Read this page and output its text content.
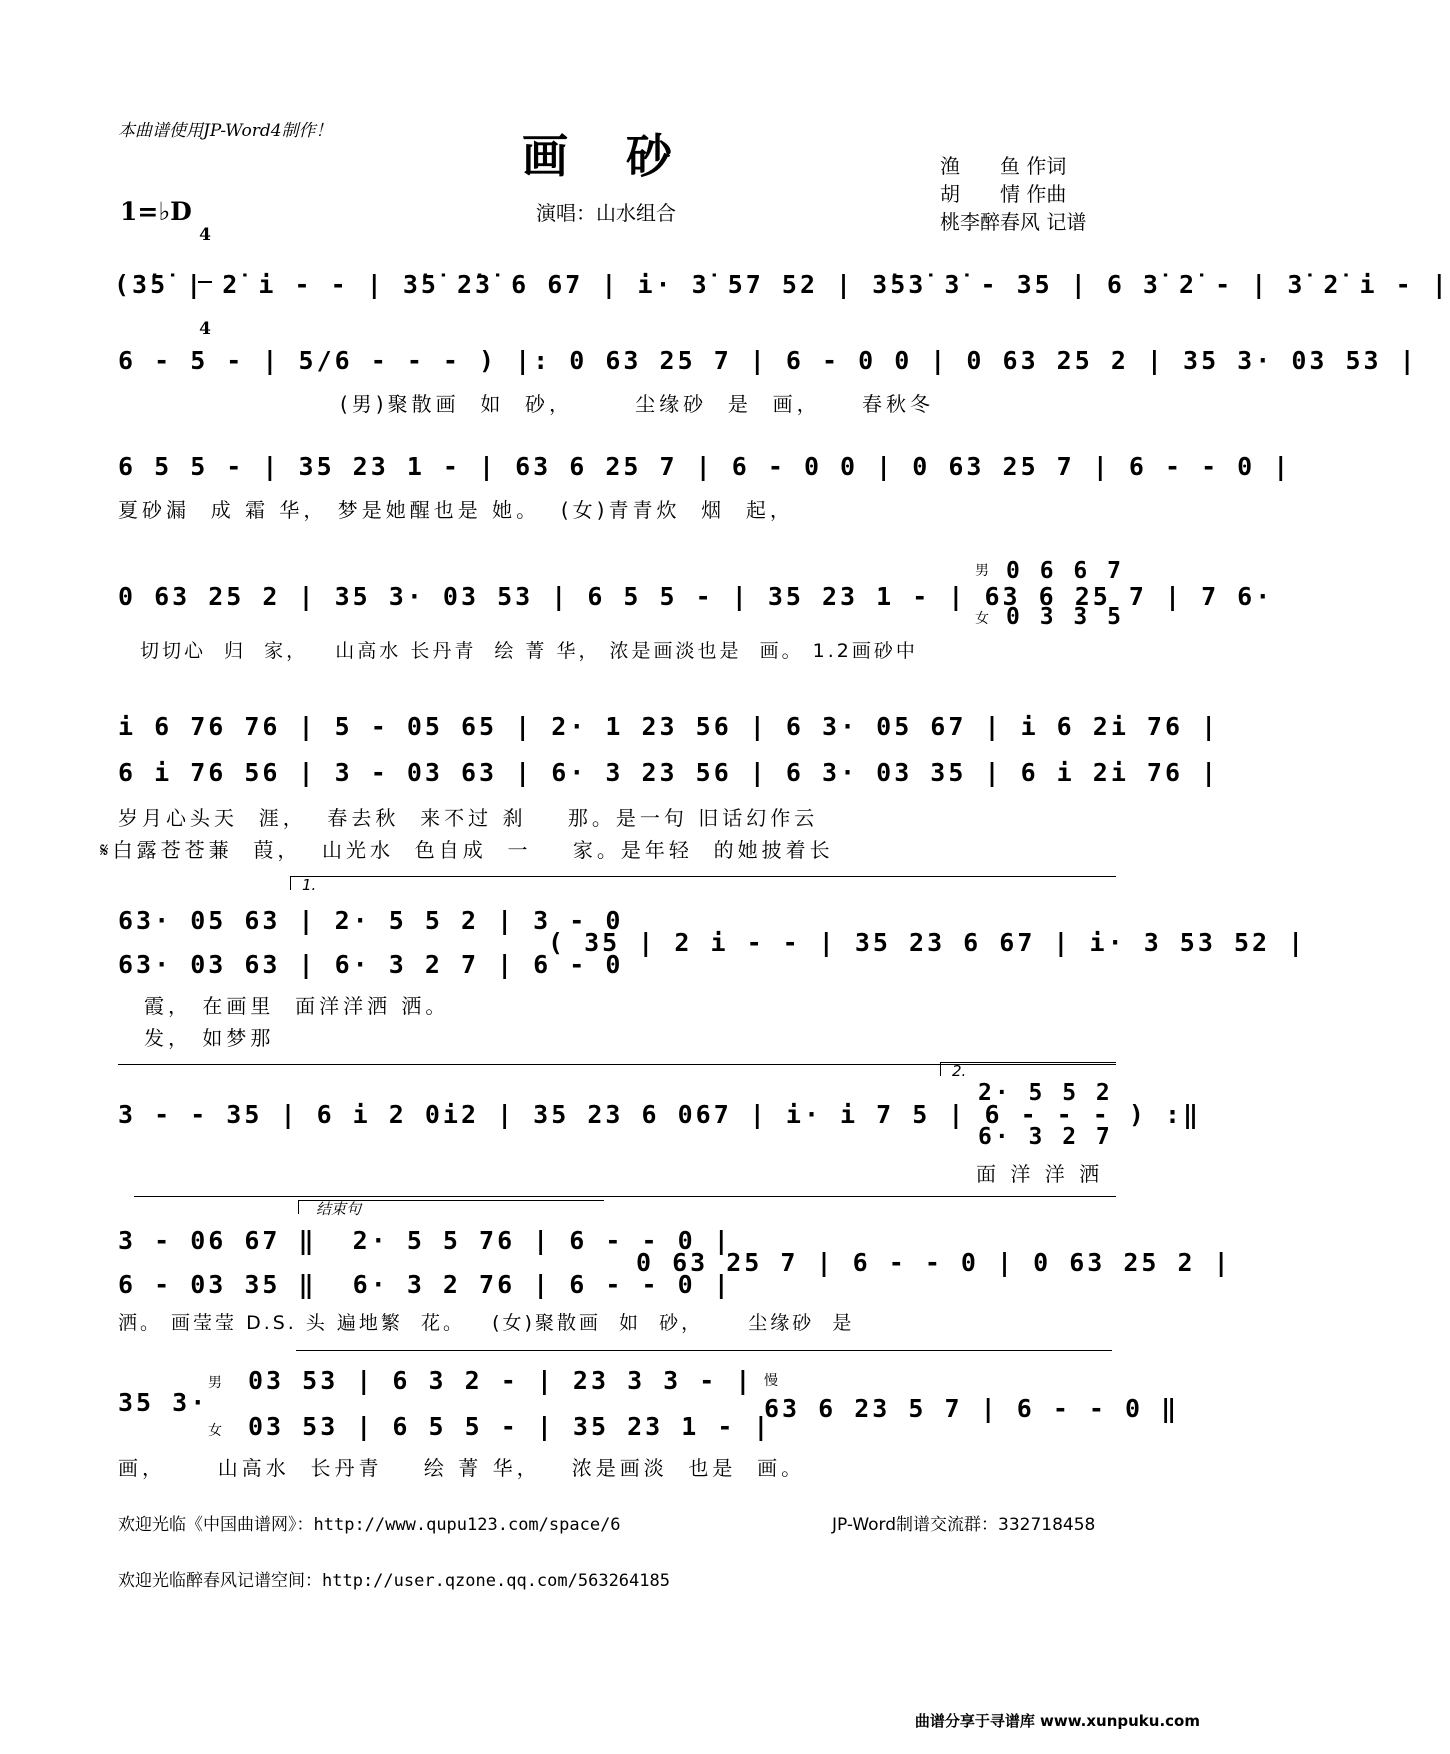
本曲谱使用JP-Word4制作！	画砂
1=♭D

4

4

演唱：山水组合
渔　　鱼 作词
胡　　情 作曲
桃李醉春风 记谱
(3̇5̇ | 2̇ i - - | 3̇5̇ 2̇3̇ 6 67 | i· 3̇ 57 52 | 3̇53̇ 3̇ - 35 | 6 3̇ 2̇ - | 3̇ 2̇ i - |
6 - 5 - | 5/6 - - - ) |: 0 63 25 7 | 6 - 0 0 | 0 63 25 2 | 35 3· 03 53 |
(男)聚散画  如  砂，      尘缘砂  是  画，    春秋冬
6 5 5 - | 35 23 1 - | 63 6 25 7 | 6 - 0 0 | 0 63 25 7 | 6 - - 0 |
夏砂漏  成 霜 华， 梦是她醒也是 她。  (女)青青炊  烟  起，
0 63 25 2 | 35 3· 03 53 | 6 5 5 - | 35 23 1 - | 63 6 25 7 | 7 6·
男
女
0 6 6 7
0 3 3 5
切切心  归  家，   山高水 长丹青  绘 菁 华， 浓是画淡也是  画。 1.2画砂中
i 6 76 76 | 5 - 05 65 | 2· 1 23 56 | 6 3· 05 67 | i 6 2i 76 |
6 i 76 56 | 3 - 03 63 | 6· 3 23 56 | 6 3· 03 35 | 6 i 2i 76 |
岁月心头天  涯，  春去秋  来不过 刹    那。是一句 旧话幻作云
𝄋白露苍苍蒹  葭，  山光水  色自成  一    家。是年轻  的她披着长
1.
63· 05 63 | 2· 5 5 2 | 3 - 0
63· 03 63 | 6· 3 2 7 | 6 - 0
( 35 | 2 i - - | 35 23 6 67 | i· 3 53 52 |
霞， 在画里  面洋洋洒 洒。
发， 如梦那
3 - - 35 | 6 i 2 0i2 | 35 23 6 067 | i· i 7 5 | 6 - - - ) :‖
2.
2· 5 5 2
6· 3 2 7
面 洋 洋 洒
结束句
3 - 06 67 ‖  2· 5 5 76 | 6 - - 0 |
6 - 03 35 ‖  6· 3 2 76 | 6 - - 0 |
0 63 25 7 | 6 - - 0 | 0 63 25 2 |
洒。 画莹莹 D.S. 头 遍地繁  花。   (女)聚散画  如  砂，     尘缘砂  是
35 3·
男
女
03 53 | 6 3 2 - | 23 3 3 - |
03 53 | 6 5 5 - | 35 23 1 - |
慢
63 6 23 5 7 | 6 - - 0 ‖
画，     山高水  长丹青    绘 菁 华，   浓是画淡  也是  画。
欢迎光临《中国曲谱网》：http://www.qupu123.com/space/6	JP-Word制谱交流群：332718458
欢迎光临醉春风记谱空间：http://user.qzone.qq.com/563264185
曲谱分享于寻谱库 www.xunpuku.com
